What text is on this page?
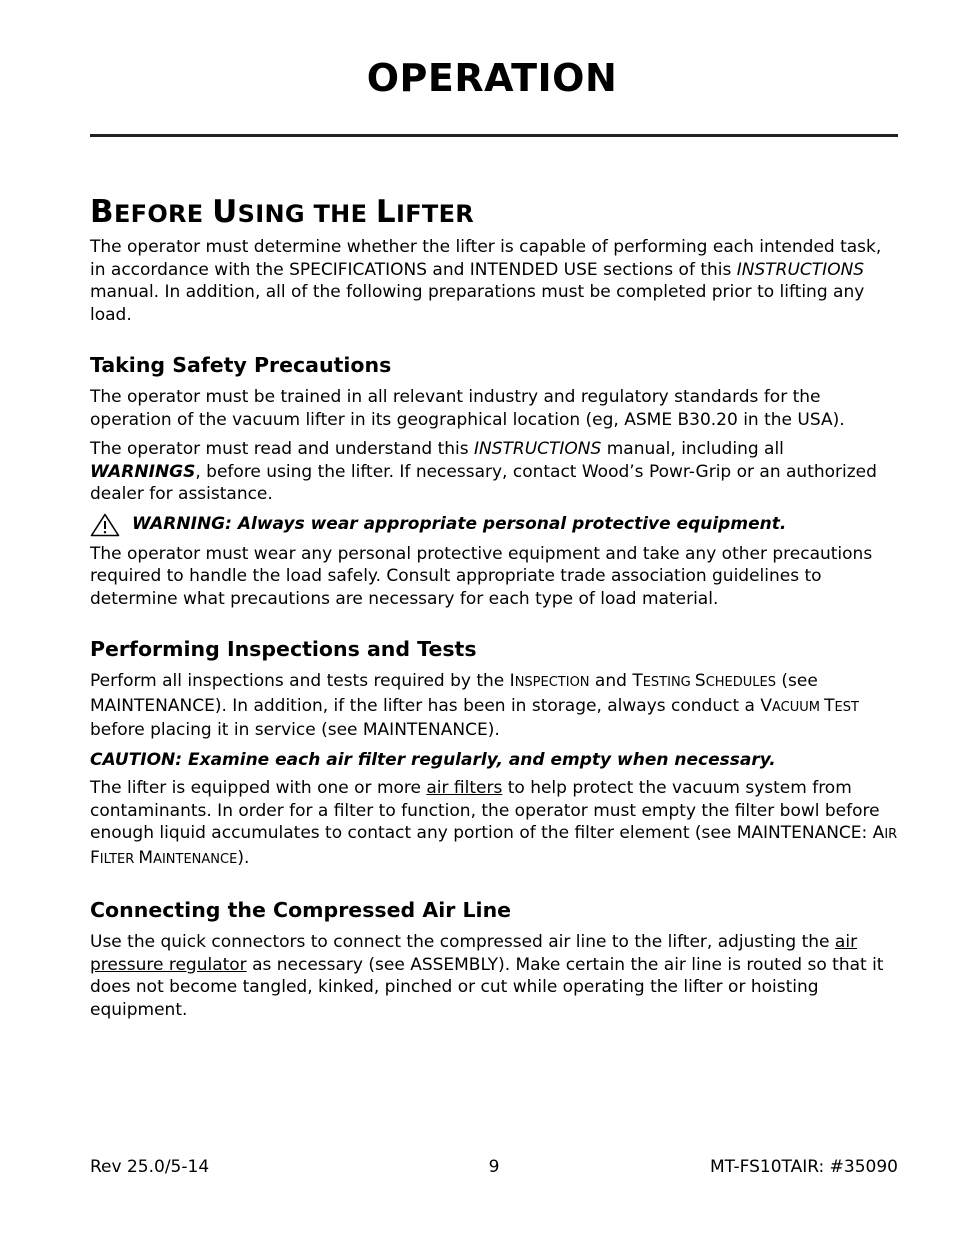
OPERATION
BEFORE USING THE LIFTER

The operator must determine whether the lifter is capable of performing each intended task, in accordance with the SPECIFICATIONS and INTENDED USE sections of this INSTRUCTIONS manual. In addition, all of the following preparations must be completed prior to lifting any load.

Taking Safety Precautions

The operator must be trained in all relevant industry and regulatory standards for the operation of the vacuum lifter in its geographical location (eg, ASME B30.20 in the USA).

The operator must read and understand this INSTRUCTIONS manual, including all WARNINGS, before using the lifter. If necessary, contact Wood’s Powr-Grip or an authorized dealer for assistance.

WARNING: Always wear appropriate personal protective equipment.

The operator must wear any personal protective equipment and take any other precautions required to handle the load safely. Consult appropriate trade association guidelines to determine what precautions are necessary for each type of load material.

Performing Inspections and Tests

Perform all inspections and tests required by the INSPECTION and TESTING SCHEDULES (see MAINTENANCE). In addition, if the lifter has been in storage, always conduct a VACUUM TEST before placing it in service (see MAINTENANCE).

CAUTION: Examine each air filter regularly, and empty when necessary.

The lifter is equipped with one or more air filters to help protect the vacuum system from contaminants. In order for a filter to function, the operator must empty the filter bowl before enough liquid accumulates to contact any portion of the filter element (see MAINTENANCE: AIR FILTER MAINTENANCE).

Connecting the Compressed Air Line

Use the quick connectors to connect the compressed air line to the lifter, adjusting the air pressure regulator as necessary (see ASSEMBLY). Make certain the air line is routed so that it does not become tangled, kinked, pinched or cut while operating the lifter or hoisting equipment.

Rev 25.0/5-14	9	MT-FS10TAIR: #35090
